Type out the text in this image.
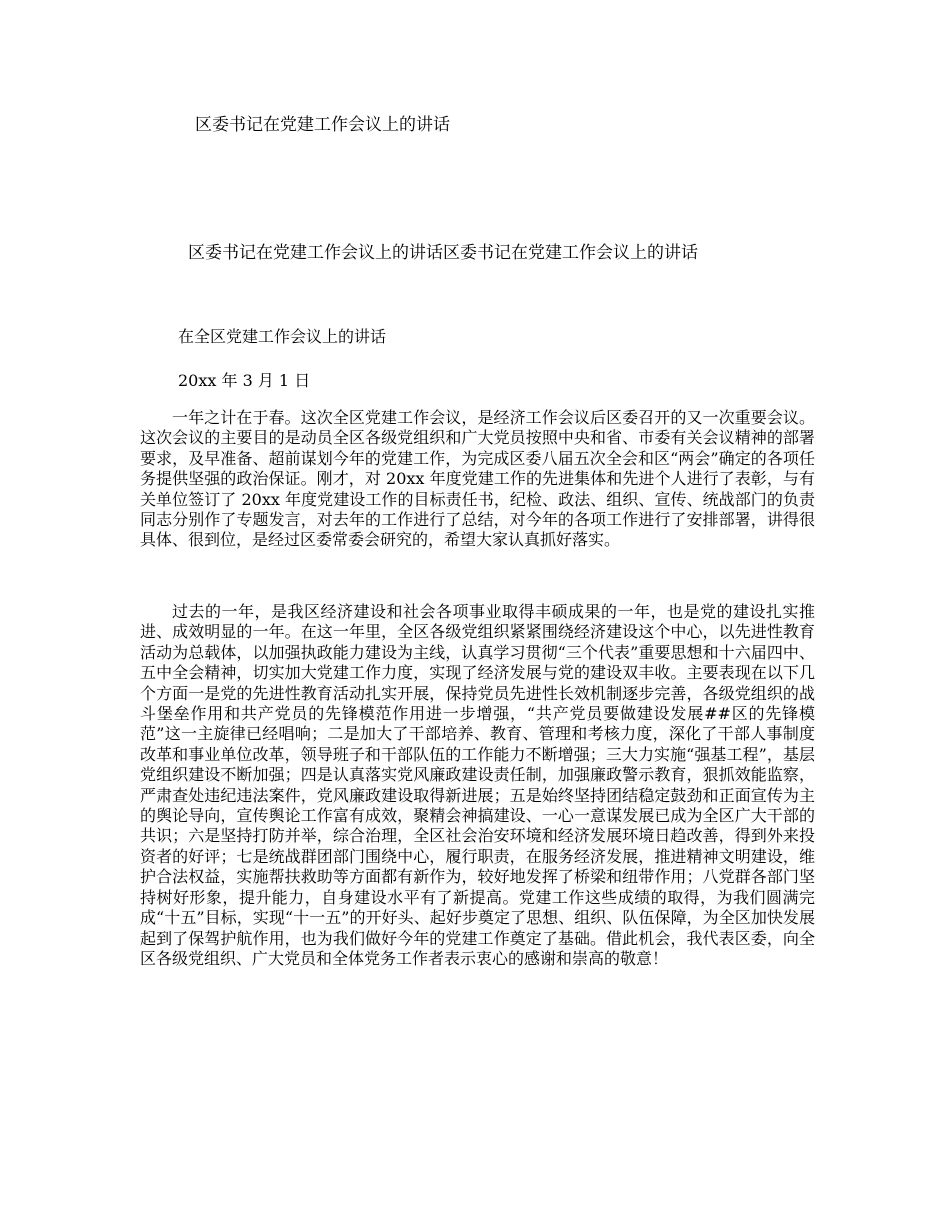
区委书记在党建工作会议上的讲话
区委书记在党建工作会议上的讲话区委书记在党建工作会议上的讲话
在全区党建工作会议上的讲话
20xx 年 3 月 1 日

一年之计在于春。这次全区党建工作会议，是经济工作会议后区委召开的又一次重要会议。这次会议的主要目的是动员全区各级党组织和广大党员按照中央和省、市委有关会议精神的部署要求，及早准备、超前谋划今年的党建工作，为完成区委八届五次全会和区“两会”确定的各项任务提供坚强的政治保证。刚才，对 20xx 年度党建工作的先进集体和先进个人进行了表彰，与有关单位签订了 20xx 年度党建设工作的目标责任书，纪检、政法、组织、宣传、统战部门的负责同志分别作了专题发言，对去年的工作进行了总结，对今年的各项工作进行了安排部署，讲得很具体、很到位，是经过区委常委会研究的，希望大家认真抓好落实。

过去的一年，是我区经济建设和社会各项事业取得丰硕成果的一年，也是党的建设扎实推进、成效明显的一年。在这一年里，全区各级党组织紧紧围绕经济建设这个中心，以先进性教育活动为总载体，以加强执政能力建设为主线，认真学习贯彻“三个代表”重要思想和十六届四中、五中全会精神，切实加大党建工作力度，实现了经济发展与党的建设双丰收。主要表现在以下几个方面一是党的先进性教育活动扎实开展，保持党员先进性长效机制逐步完善，各级党组织的战斗堡垒作用和共产党员的先锋模范作用进一步增强，“共产党员要做建设发展##区的先锋模范”这一主旋律已经唱响；二是加大了干部培养、教育、管理和考核力度，深化了干部人事制度改革和事业单位改革，领导班子和干部队伍的工作能力不断增强；三大力实施“强基工程”，基层党组织建设不断加强；四是认真落实党风廉政建设责任制，加强廉政警示教育，狠抓效能监察，严肃查处违纪违法案件，党风廉政建设取得新进展；五是始终坚持团结稳定鼓劲和正面宣传为主的舆论导向，宣传舆论工作富有成效，聚精会神搞建设、一心一意谋发展已成为全区广大干部的共识；六是坚持打防并举，综合治理，全区社会治安环境和经济发展环境日趋改善，得到外来投资者的好评；七是统战群团部门围绕中心，履行职责，在服务经济发展，推进精神文明建设，维护合法权益，实施帮扶救助等方面都有新作为，较好地发挥了桥梁和纽带作用；八党群各部门坚持树好形象，提升能力，自身建设水平有了新提高。党建工作这些成绩的取得，为我们圆满完成“十五”目标，实现“十一五”的开好头、起好步奠定了思想、组织、队伍保障，为全区加快发展起到了保驾护航作用，也为我们做好今年的党建工作奠定了基础。借此机会，我代表区委，向全区各级党组织、广大党员和全体党务工作者表示衷心的感谢和崇高的敬意！
